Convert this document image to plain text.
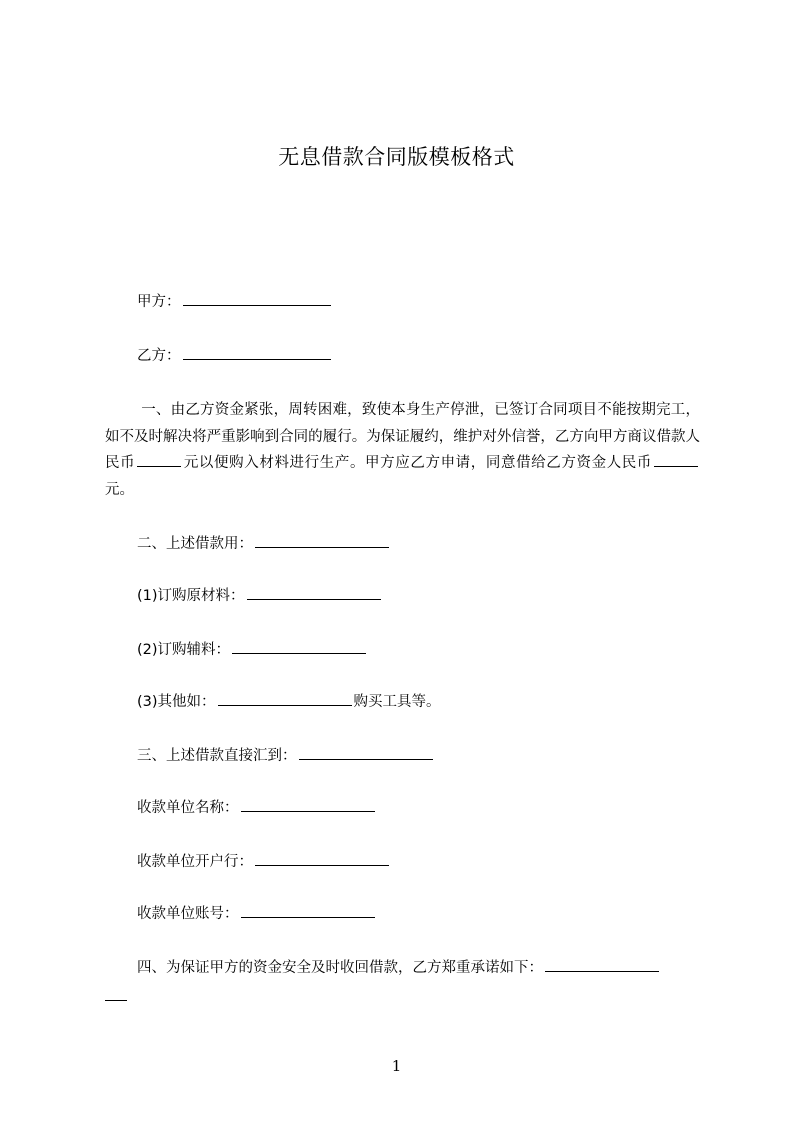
无息借款合同版模板格式
甲方：
乙方：
一、由乙方资金紧张，周转困难，致使本身生产停泄，已签订合同项目不能按期完工，如不及时解决将严重影响到合同的履行。为保证履约，维护对外信誉，乙方向甲方商议借款人民币	元以便购入材料进行生产。甲方应乙方申请，同意借给乙方资金人民币元。
二、上述借款用：
(1)订购原材料：
(2)订购辅料：
(3)其他如：	购买工具等。
三、上述借款直接汇到：
收款单位名称：
收款单位开户行：
收款单位账号：
四、为保证甲方的资金安全及时收回借款，乙方郑重承诺如下：
1
